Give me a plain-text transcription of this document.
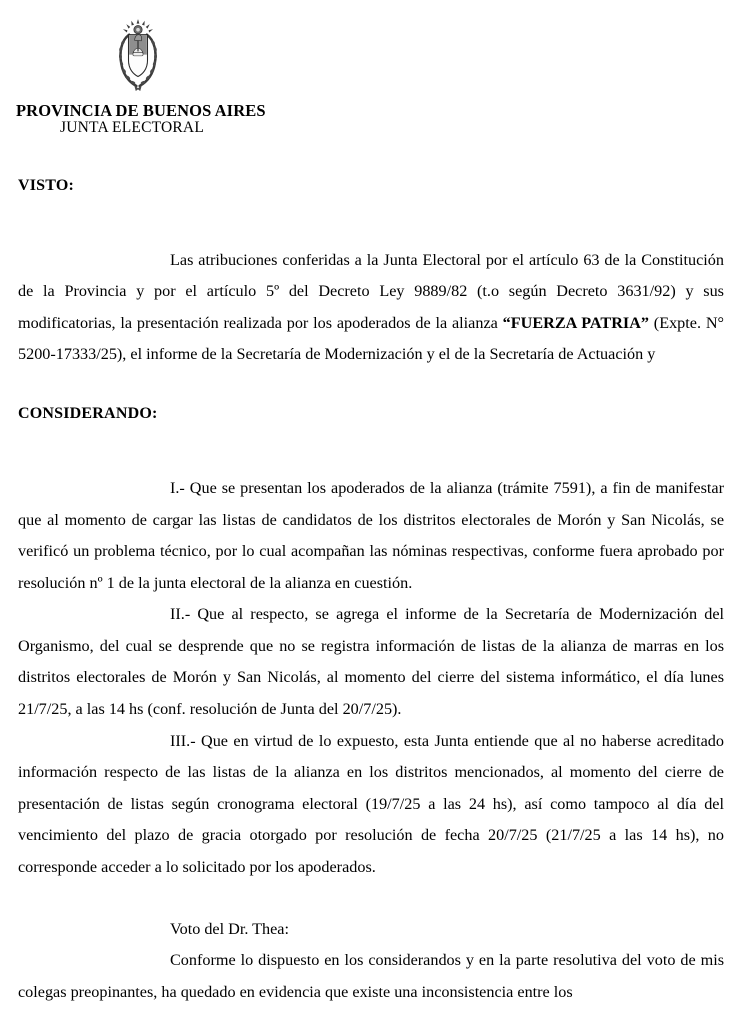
PROVINCIA DE BUENOS AIRES
JUNTA ELECTORAL
VISTO:

Las atribuciones conferidas a la Junta Electoral por el artículo 63 de la Constitución de la Provincia y por el artículo 5º del Decreto Ley 9889/82 (t.o según Decreto 3631/92) y sus modificatorias, la presentación realizada por los apoderados de la alianza “FUERZA PATRIA” (Expte. N° 5200-17333/25), el informe de la Secretaría de Modernización y el de la Secretaría de Actuación y

CONSIDERANDO:

I.- Que se presentan los apoderados de la alianza (trámite 7591), a fin de manifestar que al momento de cargar las listas de candidatos de los distritos electorales de Morón y San Nicolás, se verificó un problema técnico, por lo cual acompañan las nóminas respectivas, conforme fuera aprobado por resolución nº 1 de la junta electoral de la alianza en cuestión.

II.- Que al respecto, se agrega el informe de la Secretaría de Modernización del Organismo, del cual se desprende que no se registra información de listas de la alianza de marras en los distritos electorales de Morón y San Nicolás, al momento del cierre del sistema informático, el día lunes 21/7/25, a las 14 hs (conf. resolución de Junta del 20/7/25).

III.- Que en virtud de lo expuesto, esta Junta entiende que al no haberse acreditado información respecto de las listas de la alianza en los distritos mencionados, al momento del cierre de presentación de listas según cronograma electoral (19/7/25 a las 24 hs), así como tampoco al día del vencimiento del plazo de gracia otorgado por resolución de fecha 20/7/25 (21/7/25 a las 14 hs), no corresponde acceder a lo solicitado por los apoderados.

Voto del Dr. Thea:

Conforme lo dispuesto en los considerandos y en la parte resolutiva del voto de mis colegas preopinantes, ha quedado en evidencia que existe una inconsistencia entre los
